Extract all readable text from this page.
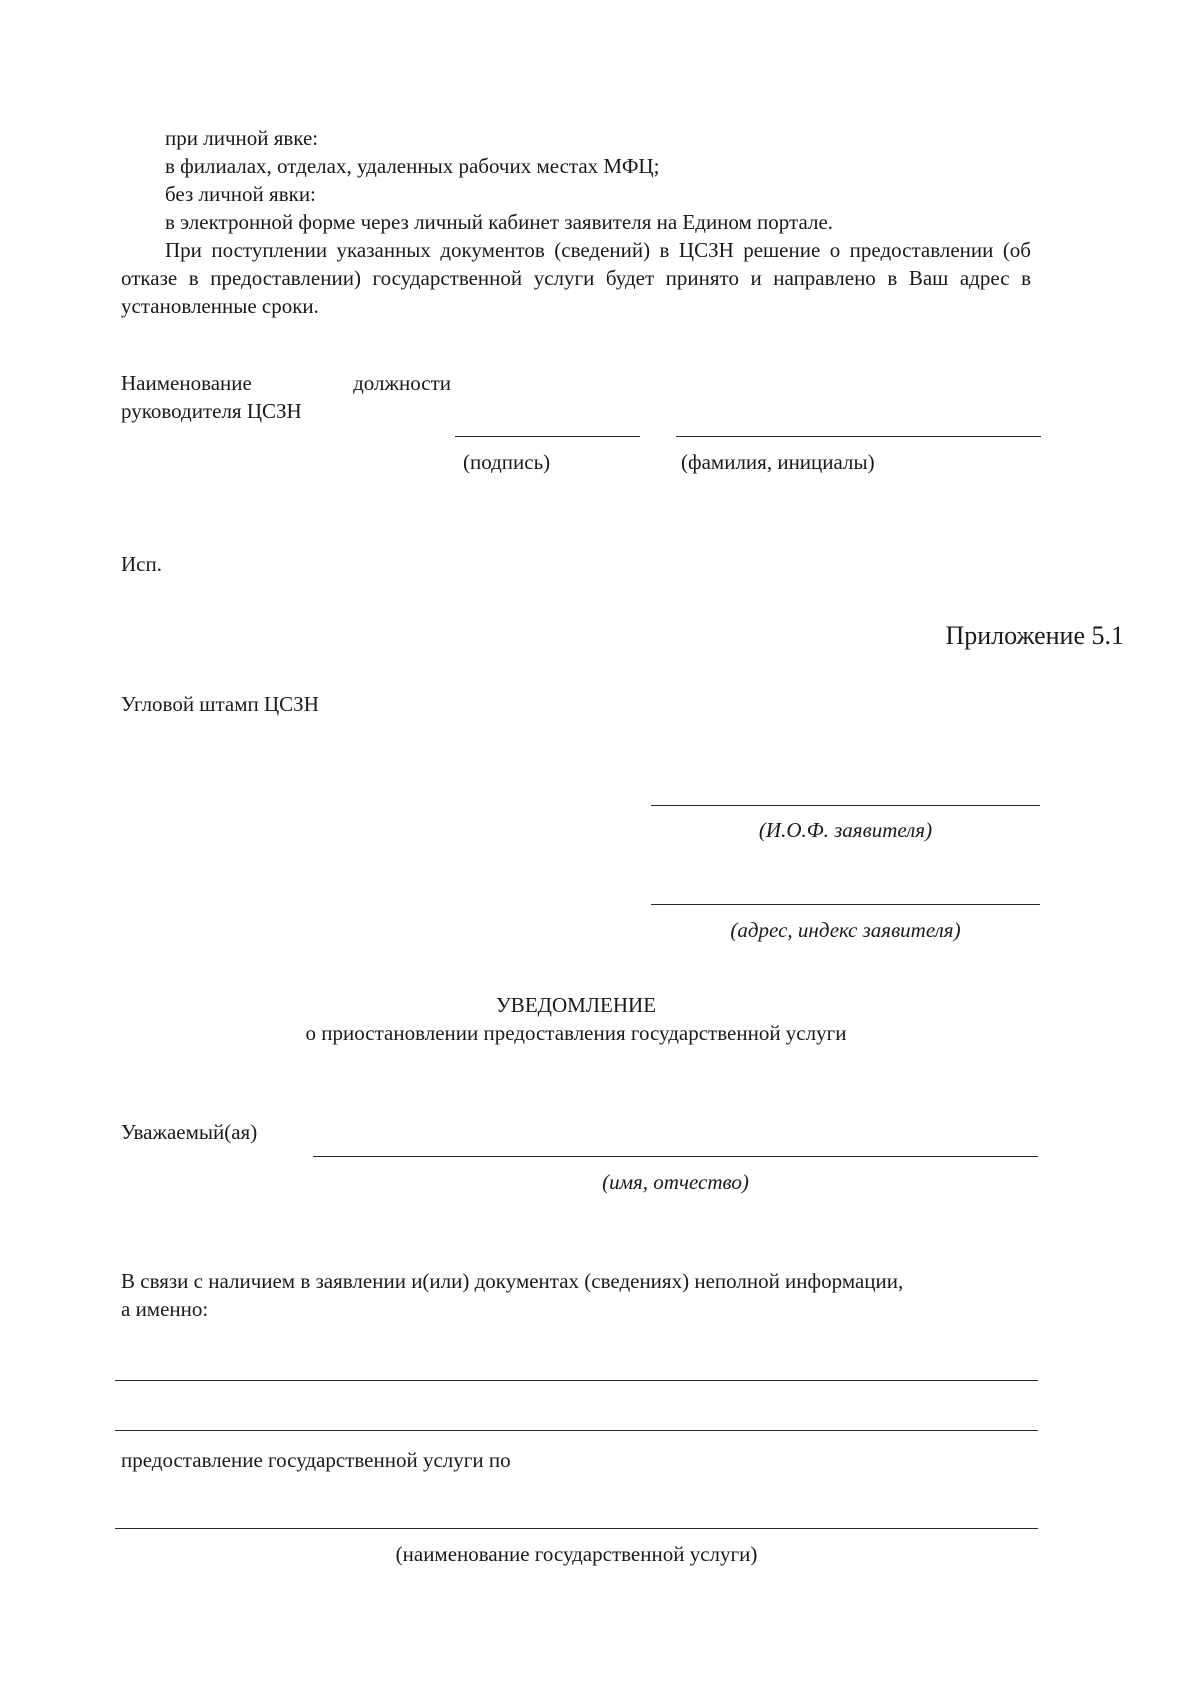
при личной явке:
в филиалах, отделах, удаленных рабочих местах МФЦ;
без личной явки:
в электронной форме через личный кабинет заявителя на Едином портале.
При поступлении указанных документов (сведений) в ЦСЗН решение о предоставлении (об отказе в предоставлении) государственной услуги будет принято и направлено в Ваш адрес в установленные сроки.
Наименование	должности
руководителя ЦСЗН
(подпись)	(фамилия, инициалы)
Исп.
Приложение 5.1
Угловой штамп ЦСЗН
(И.О.Ф. заявителя)
(адрес, индекс заявителя)
УВЕДОМЛЕНИЕ
о приостановлении предоставления государственной услуги
Уважаемый(ая)
(имя, отчество)
В связи с наличием в заявлении и(или) документах (сведениях) неполной информации,
а именно:
предоставление государственной услуги по
(наименование государственной услуги)
